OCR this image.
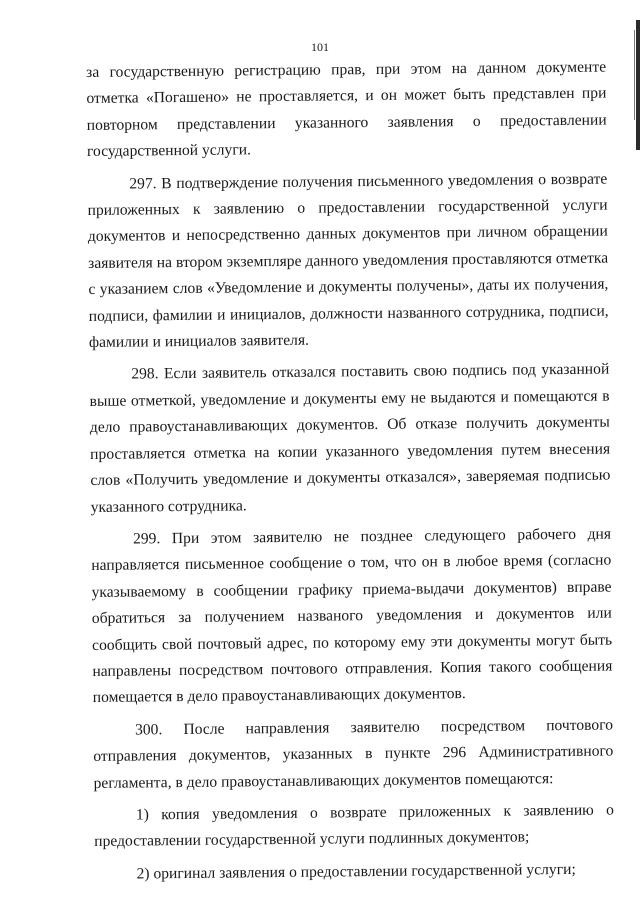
101

за государственную регистрацию прав, при этом на данном документе отметка «Погашено» не проставляется, и он может быть представлен при повторном представлении указанного заявления о предоставлении государственной услуги.

297. В подтверждение получения письменного уведомления о возврате приложенных к заявлению о предоставлении государственной услуги документов и непосредственно данных документов при личном обращении заявителя на втором экземпляре данного уведомления проставляются отметка с указанием слов «Уведомление и документы получены», даты их получения, подписи, фамилии и инициалов, должности названного сотрудника, подписи, фамилии и инициалов заявителя.

298. Если заявитель отказался поставить свою подпись под указанной выше отметкой, уведомление и документы ему не выдаются и помещаются в дело правоустанавливающих документов. Об отказе получить документы проставляется отметка на копии указанного уведомления путем внесения слов «Получить уведомление и документы отказался», заверяемая подписью указанного сотрудника.

299. При этом заявителю не позднее следующего рабочего дня направляется письменное сообщение о том, что он в любое время (согласно указываемому в сообщении графику приема-выдачи документов) вправе обратиться за получением названого уведомления и документов или сообщить свой почтовый адрес, по которому ему эти документы могут быть направлены посредством почтового отправления. Копия такого сообщения помещается в дело правоустанавливающих документов.

300. После направления заявителю посредством почтового отправления документов, указанных в пункте 296 Административного регламента, в дело правоустанавливающих документов помещаются:

1) копия уведомления о возврате приложенных к заявлению о предоставлении государственной услуги подлинных документов;

2) оригинал заявления о предоставлении государственной услуги;
